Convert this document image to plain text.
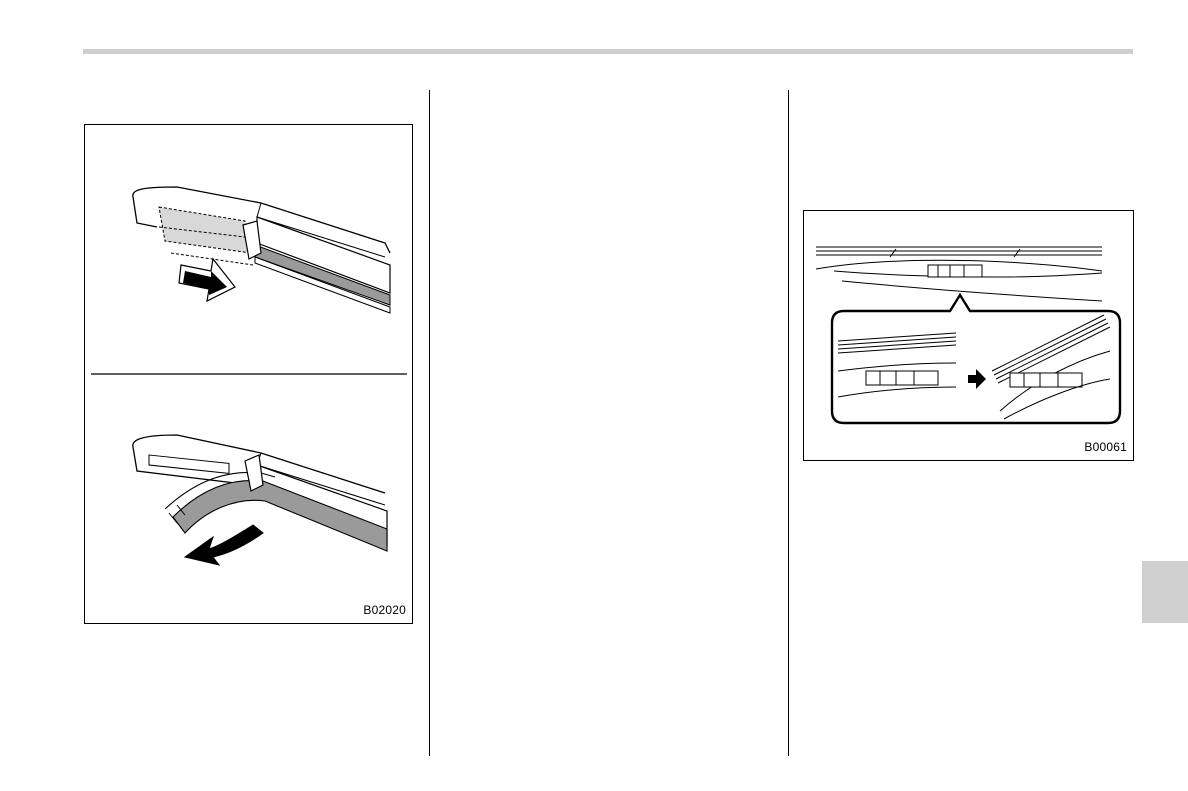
B02020
B00061
